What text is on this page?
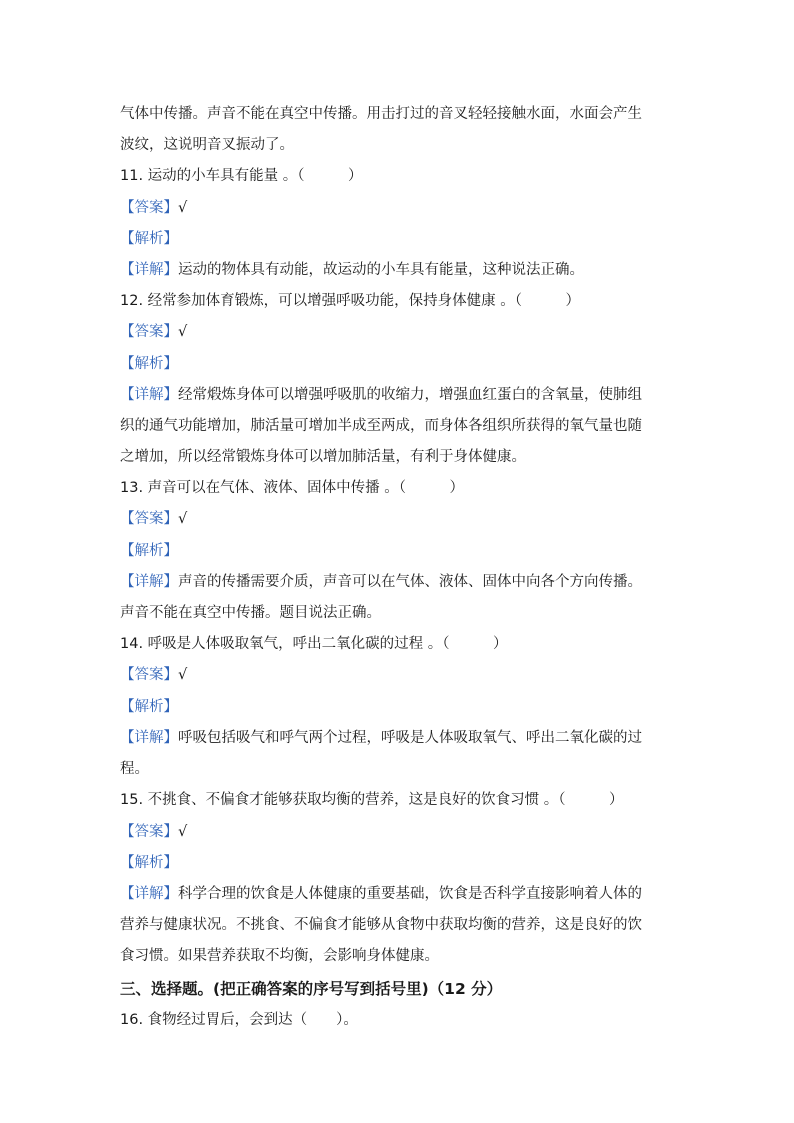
气体中传播。声音不能在真空中传播。用击打过的音叉轻轻接触水面，水面会产生
波纹，这说明音叉振动了。
11. 运动的小车具有能量 。（　　　）
【答案】√
【解析】
【详解】运动的物体具有动能，故运动的小车具有能量，这种说法正确。
12. 经常参加体育锻炼，可以增强呼吸功能，保持身体健康 。（　　　）
【答案】√
【解析】
【详解】经常煅炼身体可以增强呼吸肌的收缩力，增强血红蛋白的含氧量，使肺组
织的通气功能增加，肺活量可增加半成至两成，而身体各组织所获得的氧气量也随
之增加，所以经常锻炼身体可以增加肺活量，有利于身体健康。
13. 声音可以在气体、液体、固体中传播 。（　　　）
【答案】√
【解析】
【详解】声音的传播需要介质，声音可以在气体、液体、固体中向各个方向传播。
声音不能在真空中传播。题目说法正确。
14. 呼吸是人体吸取氧气，呼出二氧化碳的过程 。（　　　）
【答案】√
【解析】
【详解】呼吸包括吸气和呼气两个过程，呼吸是人体吸取氧气、呼出二氧化碳的过
程。
15. 不挑食、不偏食才能够获取均衡的营养，这是良好的饮食习惯 。（　　　）
【答案】√
【解析】
【详解】科学合理的饮食是人体健康的重要基础，饮食是否科学直接影响着人体的
营养与健康状况。不挑食、不偏食才能够从食物中获取均衡的营养，这是良好的饮
食习惯。如果营养获取不均衡，会影响身体健康。
三、选择题。(把正确答案的序号写到括号里)（12 分）
16. 食物经过胃后，会到达（　　）。
